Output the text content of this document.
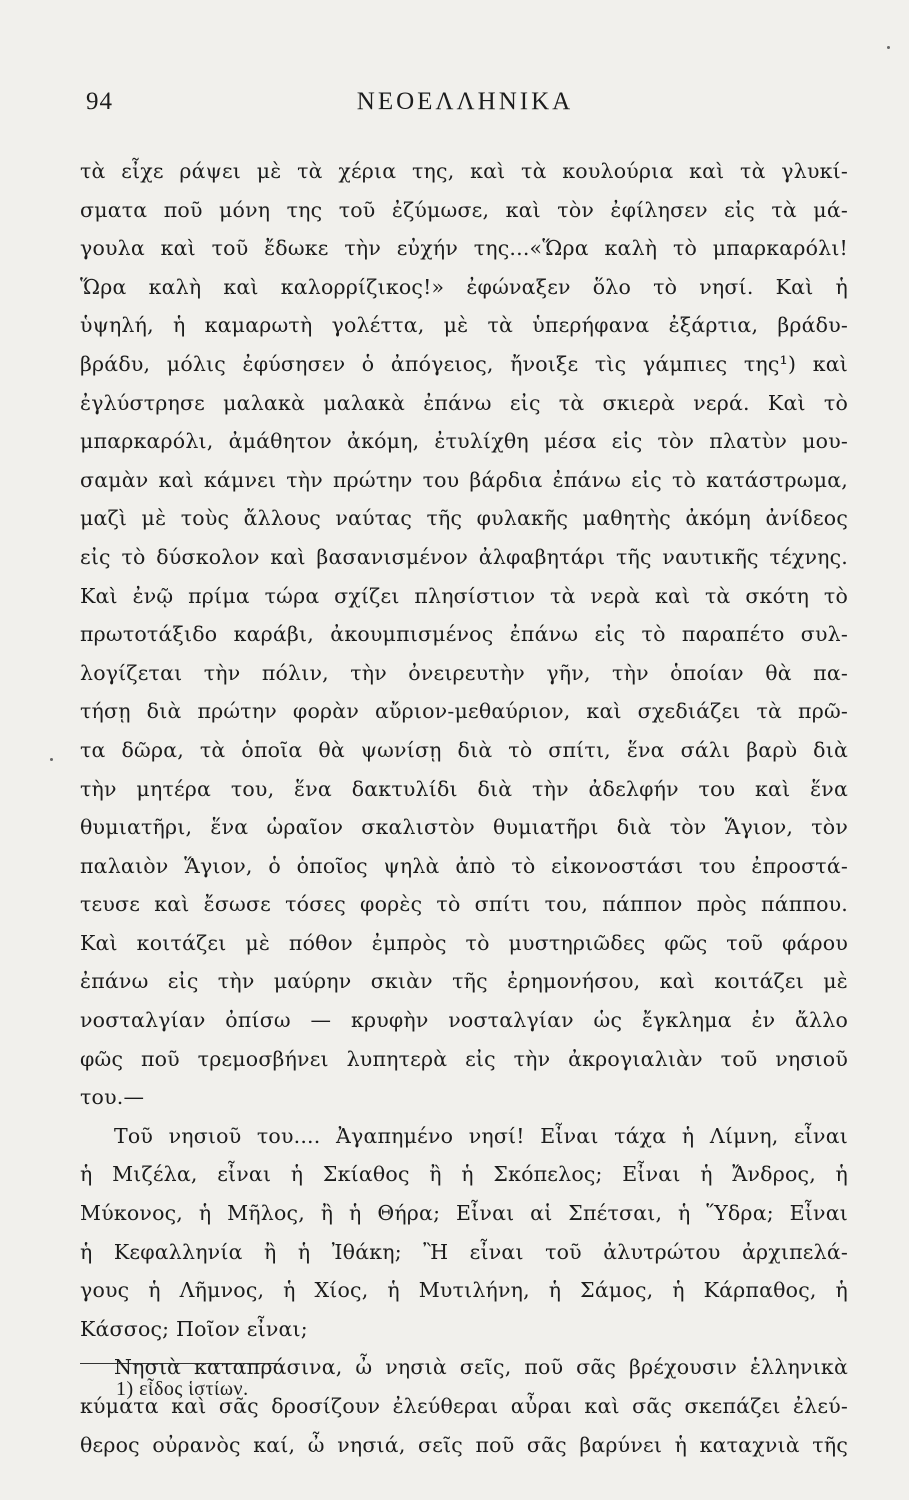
94	ΝΕΟΕΛΛΗΝΙΚΑ
τὰ εἶχε ράψει μὲ τὰ χέρια της, καὶ τὰ κουλούρια καὶ τὰ γλυκί-
σματα ποῦ μόνη της τοῦ ἐζύμωσε, καὶ τὸν ἐφίλησεν εἰς τὰ μά-
γουλα καὶ τοῦ ἔδωκε τὴν εὐχήν της...«Ὥρα καλὴ τὸ μπαρκαρόλι!
Ὥρα καλὴ καὶ καλορρίζικος!» ἐφώναξεν ὅλο τὸ νησί. Καὶ ἡ
ὑψηλή, ἡ καμαρωτὴ γολέττα, μὲ τὰ ὑπερήφανα ἐξάρτια, βράδυ-
βράδυ, μόλις ἐφύσησεν ὁ ἀπόγειος, ἤνοιξε τὶς γάμπιες της¹) καὶ
ἐγλύστρησε μαλακὰ μαλακὰ ἐπάνω εἰς τὰ σκιερὰ νερά. Καὶ τὸ
μπαρκαρόλι, ἀμάθητον ἀκόμη, ἐτυλίχθη μέσα εἰς τὸν πλατὺν μου-
σαμὰν καὶ κάμνει τὴν πρώτην του βάρδια ἐπάνω εἰς τὸ κατάστρωμα,
μαζὶ μὲ τοὺς ἄλλους ναύτας τῆς φυλακῆς μαθητὴς ἀκόμη ἀνίδεος
εἰς τὸ δύσκολον καὶ βασανισμένον ἀλφαβητάρι τῆς ναυτικῆς τέχνης.
Καὶ ἐνῷ πρίμα τώρα σχίζει πλησίστιον τὰ νερὰ καὶ τὰ σκότη τὸ
πρωτοτάξιδο καράβι, ἀκουμπισμένος ἐπάνω εἰς τὸ παραπέτο συλ-
λογίζεται τὴν πόλιν, τὴν ὀνειρευτὴν γῆν, τὴν ὁποίαν θὰ πα-
τήσῃ διὰ πρώτην φορὰν αὔριον-μεθαύριον, καὶ σχεδιάζει τὰ πρῶ-
τα δῶρα, τὰ ὁποῖα θὰ ψωνίσῃ διὰ τὸ σπίτι, ἕνα σάλι βαρὺ διὰ
τὴν μητέρα του, ἕνα δακτυλίδι διὰ τὴν ἀδελφήν του καὶ ἕνα
θυμιατῆρι, ἕνα ὡραῖον σκαλιστὸν θυμιατῆρι διὰ τὸν Ἅγιον, τὸν
παλαιὸν Ἅγιον, ὁ ὁποῖος ψηλὰ ἀπὸ τὸ εἰκονοστάσι του ἐπροστά-
τευσε καὶ ἔσωσε τόσες φορὲς τὸ σπίτι του, πάππον πρὸς πάππου.
Καὶ κοιτάζει μὲ πόθον ἐμπρὸς τὸ μυστηριῶδες φῶς τοῦ φάρου
ἐπάνω εἰς τὴν μαύρην σκιὰν τῆς ἐρημονήσου, καὶ κοιτάζει μὲ
νοσταλγίαν ὀπίσω — κρυφὴν νοσταλγίαν ὡς ἔγκλημα ἐν ἄλλο
φῶς ποῦ τρεμοσβήνει λυπητερὰ εἰς τὴν ἀκρογιαλιὰν τοῦ νησιοῦ
του.—
Τοῦ νησιοῦ του.... Ἀγαπημένο νησί! Εἶναι τάχα ἡ Λίμνη, εἶναι
ἡ Μιζέλα, εἶναι ἡ Σκίαθος ἢ ἡ Σκόπελος; Εἶναι ἡ Ἄνδρος, ἡ
Μύκονος, ἡ Μῆλος, ἢ ἡ Θήρα; Εἶναι αἱ Σπέτσαι, ἡ Ὕδρα; Εἶναι
ἡ Κεφαλληνία ἢ ἡ Ἰθάκη; Ἢ εἶναι τοῦ ἀλυτρώτου ἀρχιπελά-
γους ἡ Λῆμνος, ἡ Χίος, ἡ Μυτιλήνη, ἡ Σάμος, ἡ Κάρπαθος, ἡ
Κάσσος; Ποῖον εἶναι;
Νησιὰ καταπράσινα, ὦ νησιὰ σεῖς, ποῦ σᾶς βρέχουσιν ἑλληνικὰ
κύματα καὶ σᾶς δροσίζουν ἐλεύθεραι αὖραι καὶ σᾶς σκεπάζει ἐλεύ-
θερος οὐρανὸς καί, ὦ νησιά, σεῖς ποῦ σᾶς βαρύνει ἡ καταχνιὰ τῆς
1) εἶδος ἱστίων.
